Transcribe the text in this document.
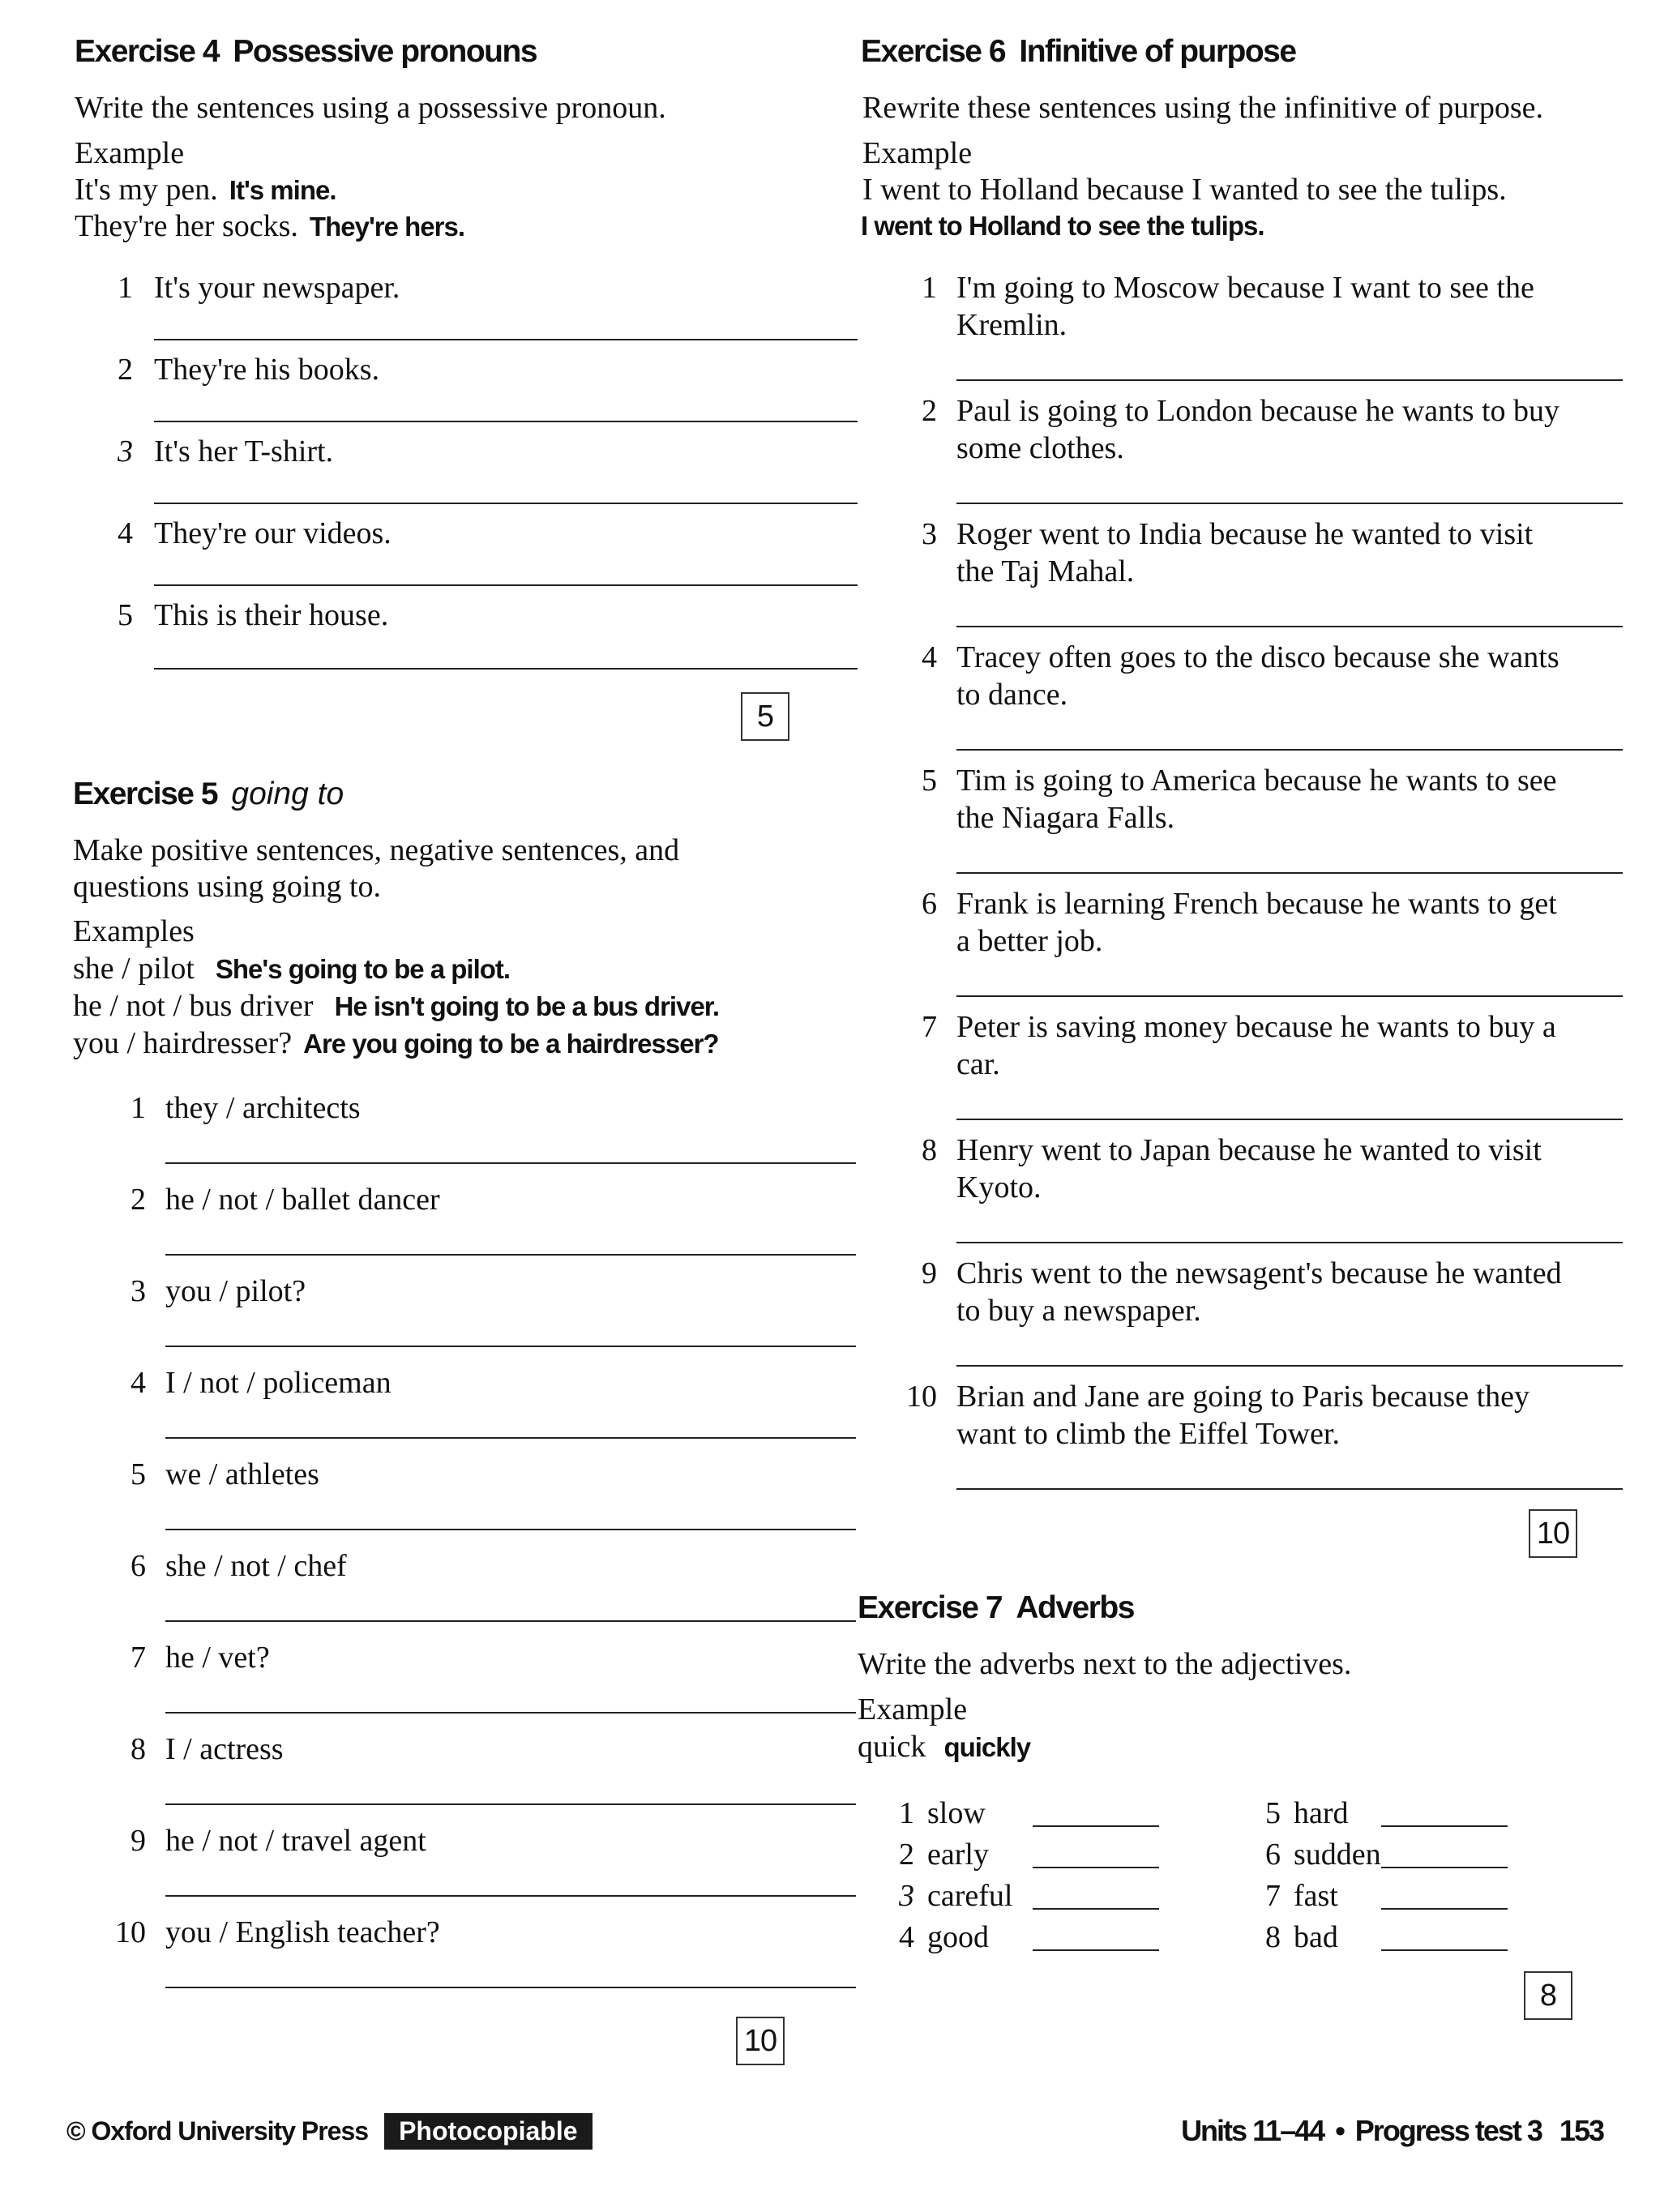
Exercise 4 Possessive pronouns
Write the sentences using a possessive pronoun.
Example
It's my pen. It's mine.
They're her socks. They're hers.
1 It's your newspaper.
2 They're his books.
3 It's her T-shirt.
4 They're our videos.
5 This is their house.
5
Exercise 5 going to
Make positive sentences, negative sentences, and
questions using going to.
Examples
she / pilot She's going to be a pilot.
he / not / bus driver He isn't going to be a bus driver.
you / hairdresser? Are you going to be a hairdresser?
1 they / architects
2 he / not / ballet dancer
3 you / pilot?
4 I / not / policeman
5 we / athletes
6 she / not / chef
7 he / vet?
8 I / actress
9 he / not / travel agent
10 you / English teacher?
10
Exercise 6 Infinitive of purpose
Rewrite these sentences using the infinitive of purpose.
Example
I went to Holland because I wanted to see the tulips.
I went to Holland to see the tulips.
1 I'm going to Moscow because I want to see the
Kremlin.
2 Paul is going to London because he wants to buy
some clothes.
3 Roger went to India because he wanted to visit
the Taj Mahal.
4 Tracey often goes to the disco because she wants
to dance.
5 Tim is going to America because he wants to see
the Niagara Falls.
6 Frank is learning French because he wants to get
a better job.
7 Peter is saving money because he wants to buy a
car.
8 Henry went to Japan because he wanted to visit
Kyoto.
9 Chris went to the newsagent's because he wanted
to buy a newspaper.
10 Brian and Jane are going to Paris because they
want to climb the Eiffel Tower.
10
Exercise 7 Adverbs
Write the adverbs next to the adjectives.
Example
quick quickly
1 slow
2 early
3 careful
4 good
5 hard
6 sudden
7 fast
8 bad
8
© Oxford University Press	Photocopiable	Units 11–44 • Progress test 3 153
